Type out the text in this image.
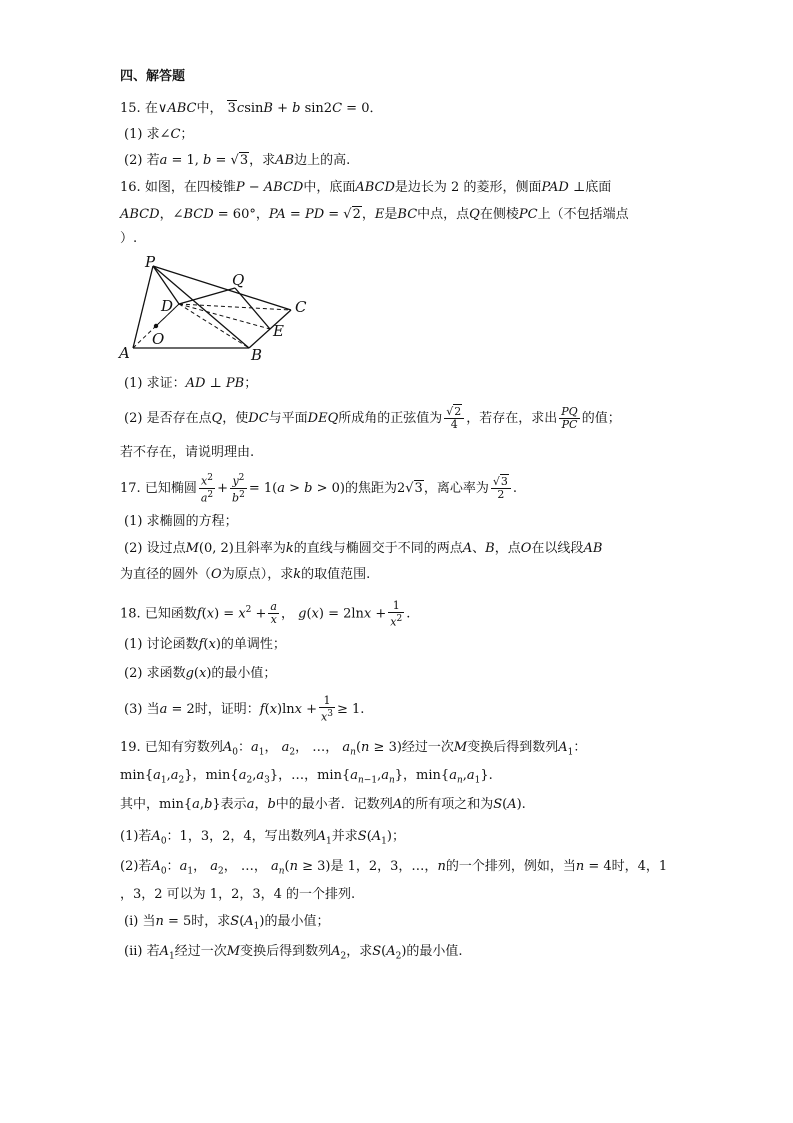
四、解答题
15. 在∨ABC中， 3csinB + b sin2C = 0．
(1) 求∠C；
(2) 若a = 1, b = √3，求AB边上的高.
16. 如图，在四棱锥P − ABCD中，底面ABCD是边长为 2 的菱形，侧面PAD ⊥底面
ABCD，∠BCD = 60°，PA = PD = √2，E是BC中点，点Q在侧棱PC上（不包括端点
）.
P
Q
D	C
E
O
A	B
(1) 求证：AD ⊥ PB；
(2) 是否存在点Q，使DC与平面DEQ所成角的正弦值为 $\frac{√2}{4}$ ，若存在，求出 $\frac{PQ}{PC}$ 的值；
若不存在，请说明理由.
17. 已知椭圆 $\frac{x^2}{a^2} + \frac{y^2}{b^2} = 1(a > b > 0)$的焦距为2√3，离心率为 $\frac{√3}{2}$ .
(1) 求椭圆的方程；
(2) 设过点M(0, 2)且斜率为k的直线与椭圆交于不同的两点A、B，点O在以线段AB
为直径的圆外（O为原点），求k的取值范围.
18. 已知函数$f(x) = x^2 + \frac{a}{x}$ ， $g(x) = 2\ln x + \frac{1}{x^2}$ .
(1) 讨论函数f(x)的单调性；
(2) 求函数g(x)的最小值；
(3) 当a = 2时，证明：$f(x)\ln x + \frac{1}{x^3} \ge 1$.
19. 已知有穷数列$A_0$：$a_1$， $a_2$， …， $a_n(n \ge 3)$经过一次M变换后得到数列$A_1$：
$\min\{a_1,a_2\}$，$\min\{a_2,a_3\}$，…，$\min\{a_{n-1},a_n\}$，$\min\{a_n,a_1\}$.
其中，min{a,b}表示a，b中的最小者．记数列A的所有项之和为S(A).
(1)若$A_0$：1，3，2，4，写出数列$A_1$并求$S(A_1)$；
(2)若$A_0$：$a_1$， $a_2$， …， $a_n(n \ge 3)$是 1，2，3，…，n的一个排列，例如，当n = 4时，4，1
，3，2 可以为 1，2，3，4 的一个排列.
(i) 当n = 5时，求$S(A_1)$的最小值；
(ii) 若$A_1$经过一次M变换后得到数列$A_2$，求$S(A_2)$的最小值.
